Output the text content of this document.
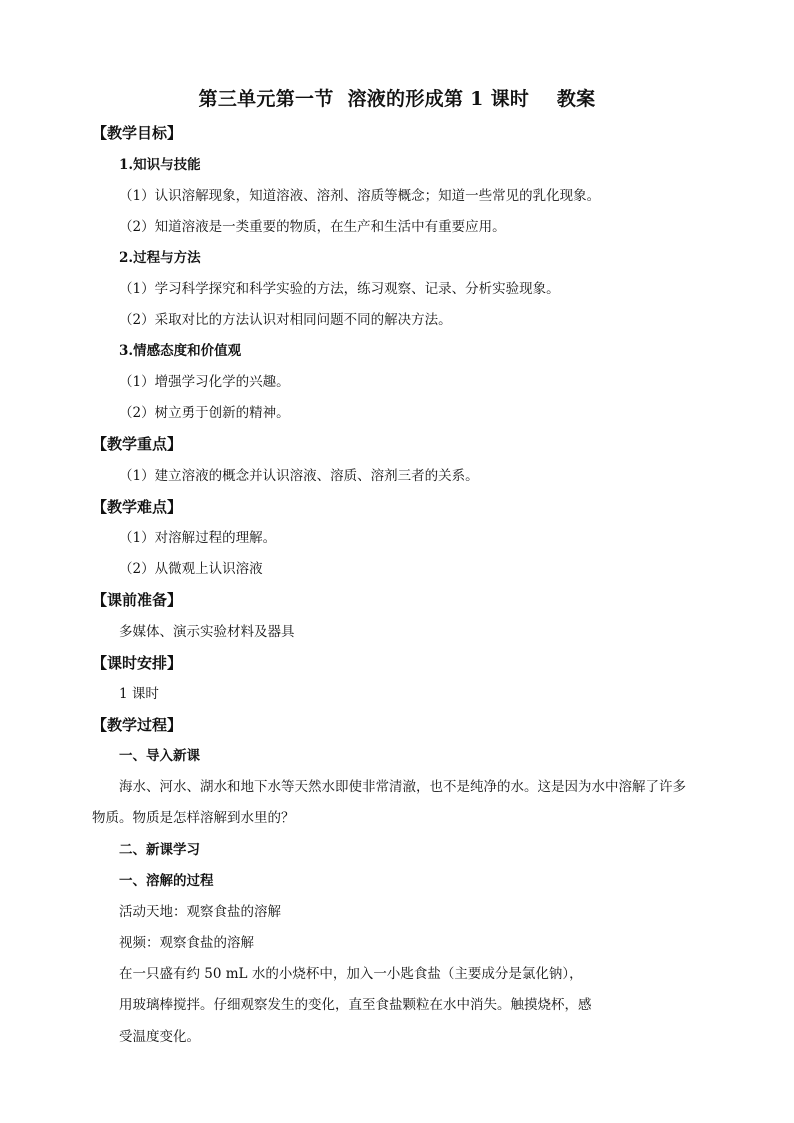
第三单元第一节  溶液的形成第 1 课时    教案
【教学目标】
1.知识与技能
（1）认识溶解现象，知道溶液、溶剂、溶质等概念；知道一些常见的乳化现象。
（2）知道溶液是一类重要的物质，在生产和生活中有重要应用。
2.过程与方法
（1）学习科学探究和科学实验的方法，练习观察、记录、分析实验现象。
（2）采取对比的方法认识对相同问题不同的解决方法。
3.情感态度和价值观
（1）增强学习化学的兴趣。
（2）树立勇于创新的精神。
【教学重点】
（1）建立溶液的概念并认识溶液、溶质、溶剂三者的关系。
【教学难点】
（1）对溶解过程的理解。
（2）从微观上认识溶液
【课前准备】
多媒体、演示实验材料及器具
【课时安排】
1 课时
【教学过程】
一、导入新课
海水、河水、湖水和地下水等天然水即使非常清澈，也不是纯净的水。这是因为水中溶解了许多
物质。物质是怎样溶解到水里的？
二、新课学习
一、溶解的过程
活动天地：观察食盐的溶解
视频：观察食盐的溶解
在一只盛有约 50 mL 水的小烧杯中，加入一小匙食盐（主要成分是氯化钠），
用玻璃棒搅拌。仔细观察发生的变化，直至食盐颗粒在水中消失。触摸烧杯，感
受温度变化。
